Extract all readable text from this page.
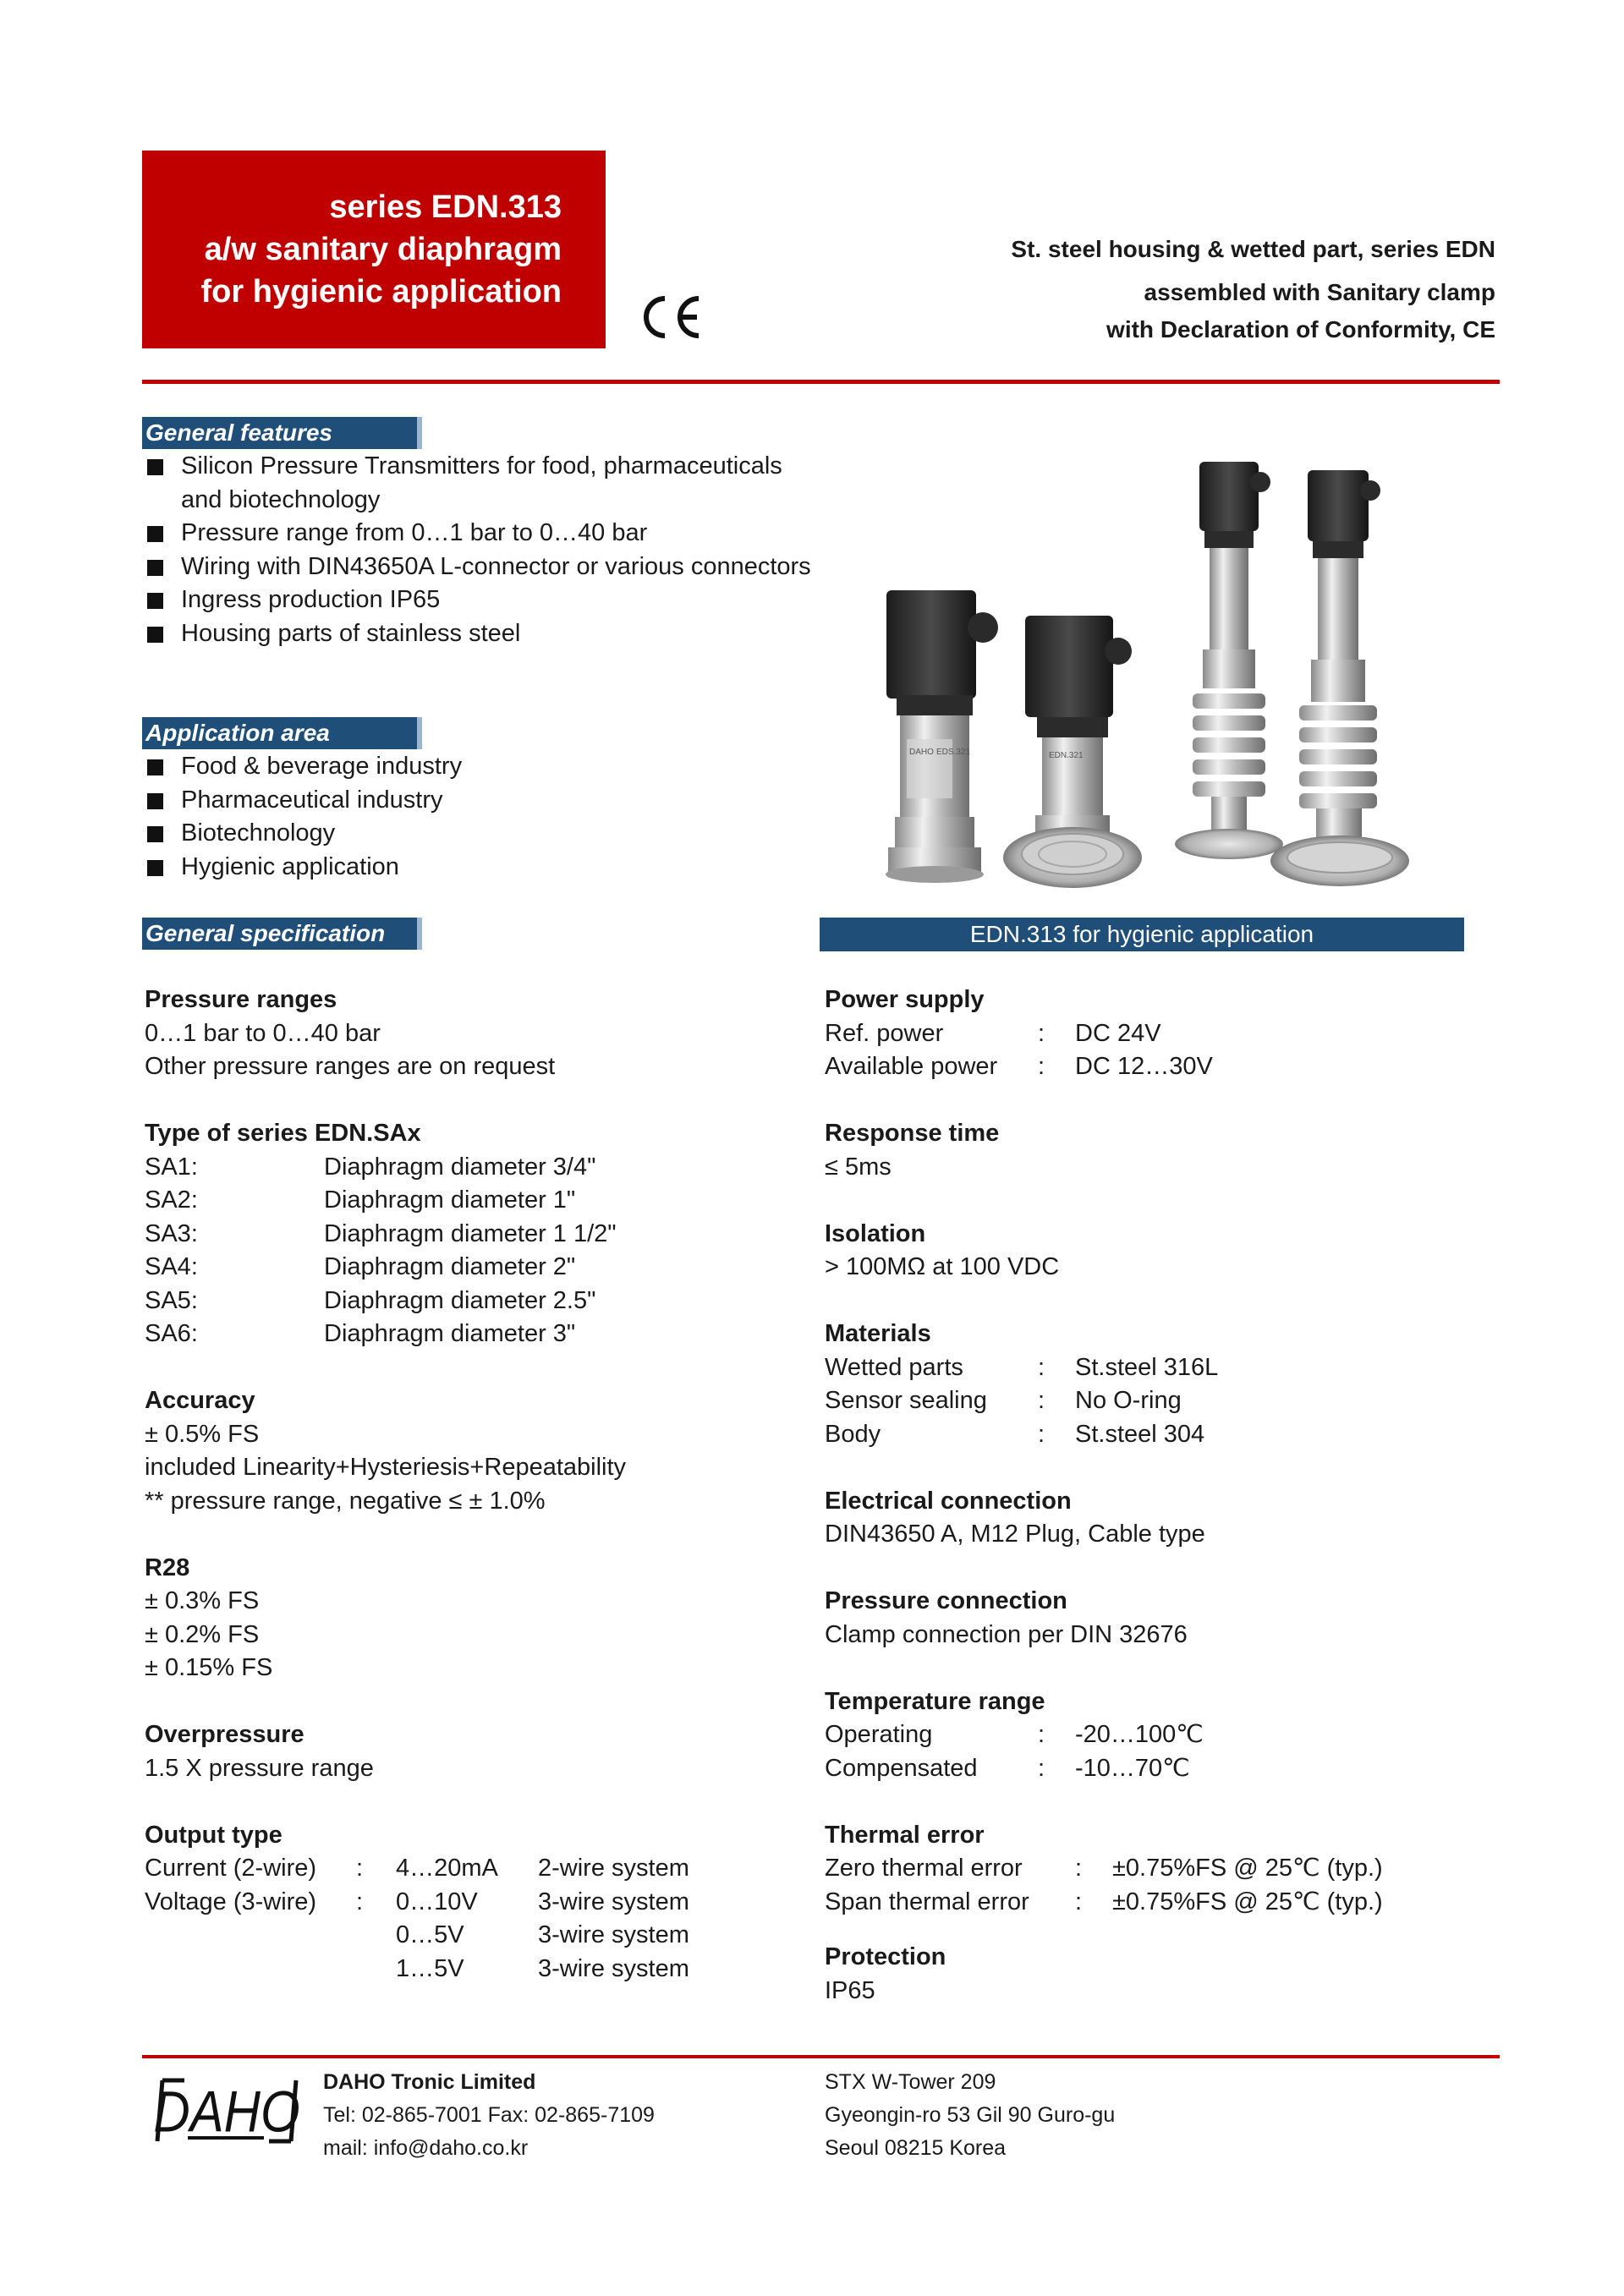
series EDN.313
a/w sanitary diaphragm
for hygienic application
St. steel housing & wetted part, series EDN
assembled with Sanitary clamp
with Declaration of Conformity, CE
General features
Silicon Pressure Transmitters for food, pharmaceuticals
and biotechnology
Pressure range from 0…1 bar to 0…40 bar
Wiring with DIN43650A L-connector or various connectors
Ingress production IP65
Housing parts of stainless steel
Application area
Food & beverage industry
Pharmaceutical industry
Biotechnology
Hygienic application
DAHO EDS.321	EDN.321
EDN.313 for hygienic application
General specification
Pressure ranges
0…1 bar to 0…40 bar
Other pressure ranges are on request
Type of series EDN.SAx
SA1:	Diaphragm diameter 3/4"
SA2:	Diaphragm diameter 1"
SA3:	Diaphragm diameter 1 1/2"
SA4:	Diaphragm diameter 2"
SA5:	Diaphragm diameter 2.5"
SA6:	Diaphragm diameter 3"
Accuracy
± 0.5% FS
included Linearity+Hysteriesis+Repeatability
** pressure range, negative ≤ ± 1.0%
R28
± 0.3% FS
± 0.2% FS
± 0.15% FS
Overpressure
1.5 X pressure range
Output type
Current (2-wire)	:	4…20mA	2-wire system
Voltage (3-wire)	:	0…10V	3-wire system
0…5V	3-wire system
1…5V	3-wire system
Power supply
Ref. power	:	DC 24V
Available power	:	DC 12…30V
Response time
≤ 5ms
Isolation
> 100MΩ at 100 VDC
Materials
Wetted parts	:	St.steel 316L
Sensor sealing	:	No O-ring
Body	:	St.steel 304
Electrical connection
DIN43650 A, M12 Plug, Cable type
Pressure connection
Clamp connection per DIN 32676
Temperature range
Operating	:	-20…100℃
Compensated	:	-10…70℃
Thermal error
Zero thermal error	:	±0.75%FS @ 25℃ (typ.)
Span thermal error	:	±0.75%FS @ 25℃ (typ.)
Protection
IP65
DAHO DAHO Tronic Limited
Tel: 02-865-7001 Fax: 02-865-7109
mail: info@daho.co.kr
STX W-Tower 209
Gyeongin-ro 53 Gil 90 Guro-gu
Seoul 08215 Korea
